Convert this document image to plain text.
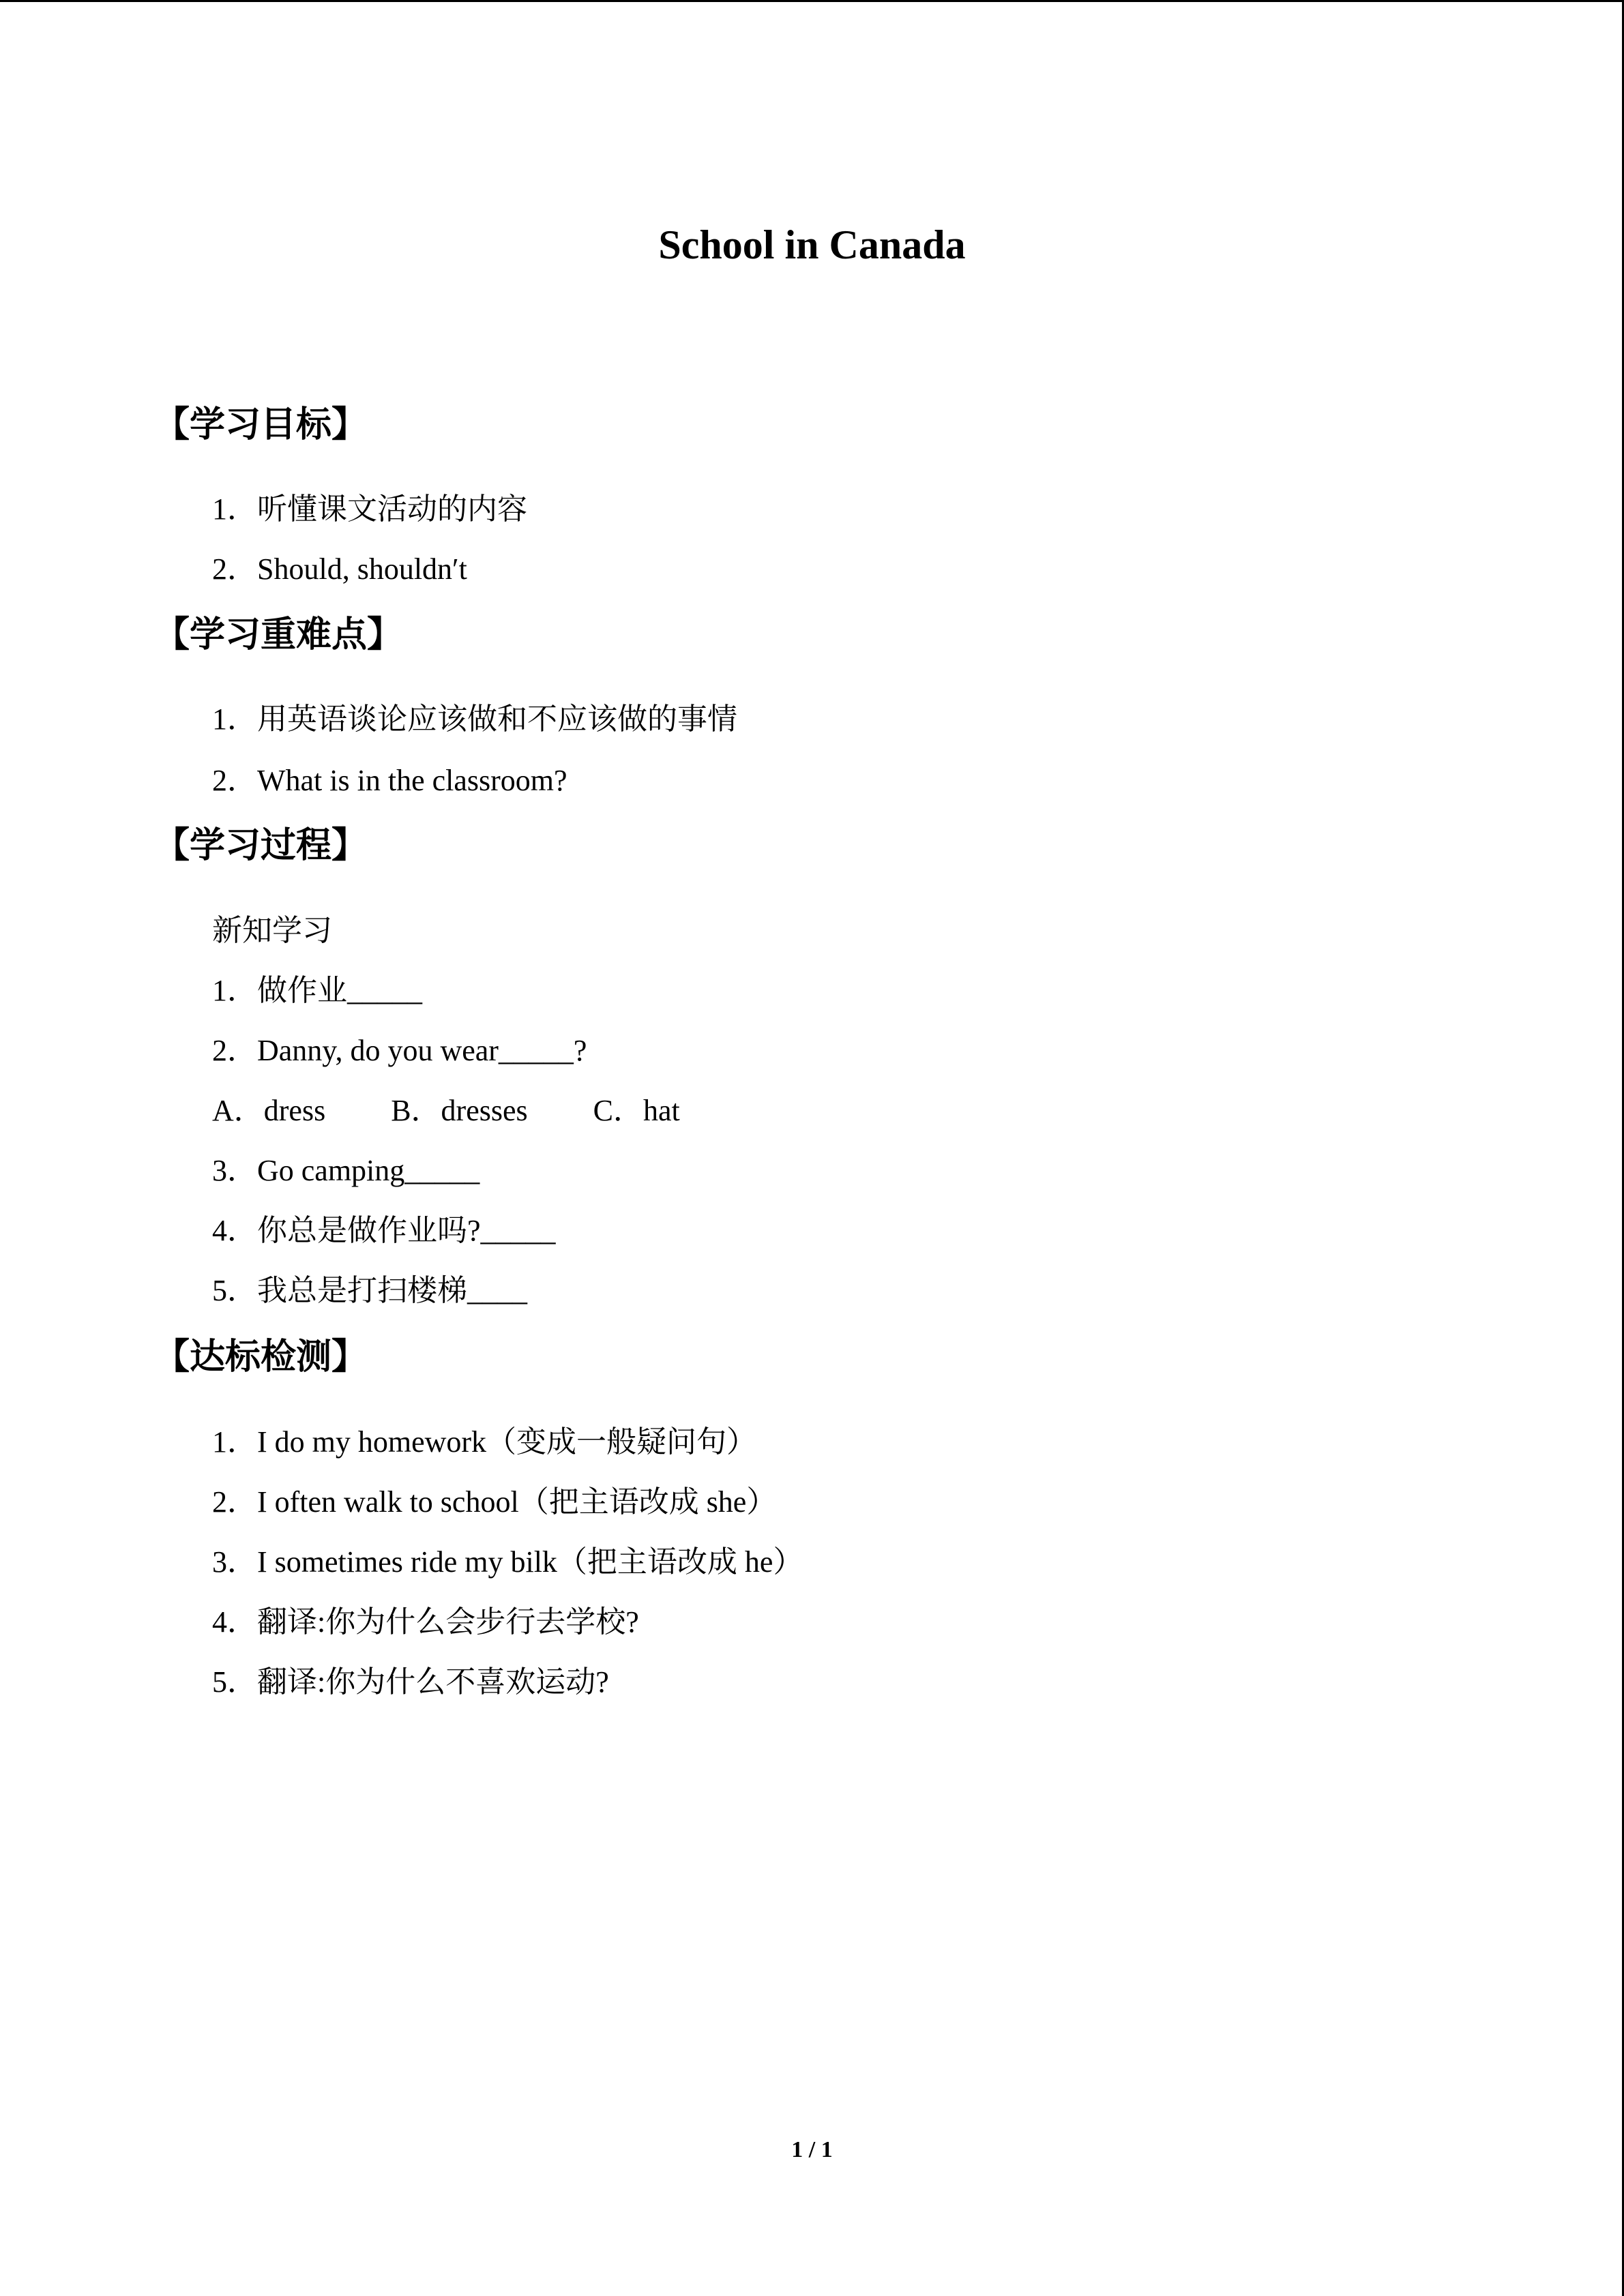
School in Canada
【学习目标】
1．听懂课文活动的内容
2．Should, shouldn′t
【学习重难点】
1．用英语谈论应该做和不应该做的事情
2．What is in the classroom?
【学习过程】
新知学习
1．做作业_____
2．Danny, do you wear_____?
A．dress B．dresses C．hat
3．Go camping_____
4．你总是做作业吗?_____
5．我总是打扫楼梯____
【达标检测】
1．I do my homework（变成一般疑问句）
2．I often walk to school（把主语改成 she）
3．I sometimes ride my bilk（把主语改成 he）
4．翻译:你为什么会步行去学校?
5．翻译:你为什么不喜欢运动?
1 / 1
